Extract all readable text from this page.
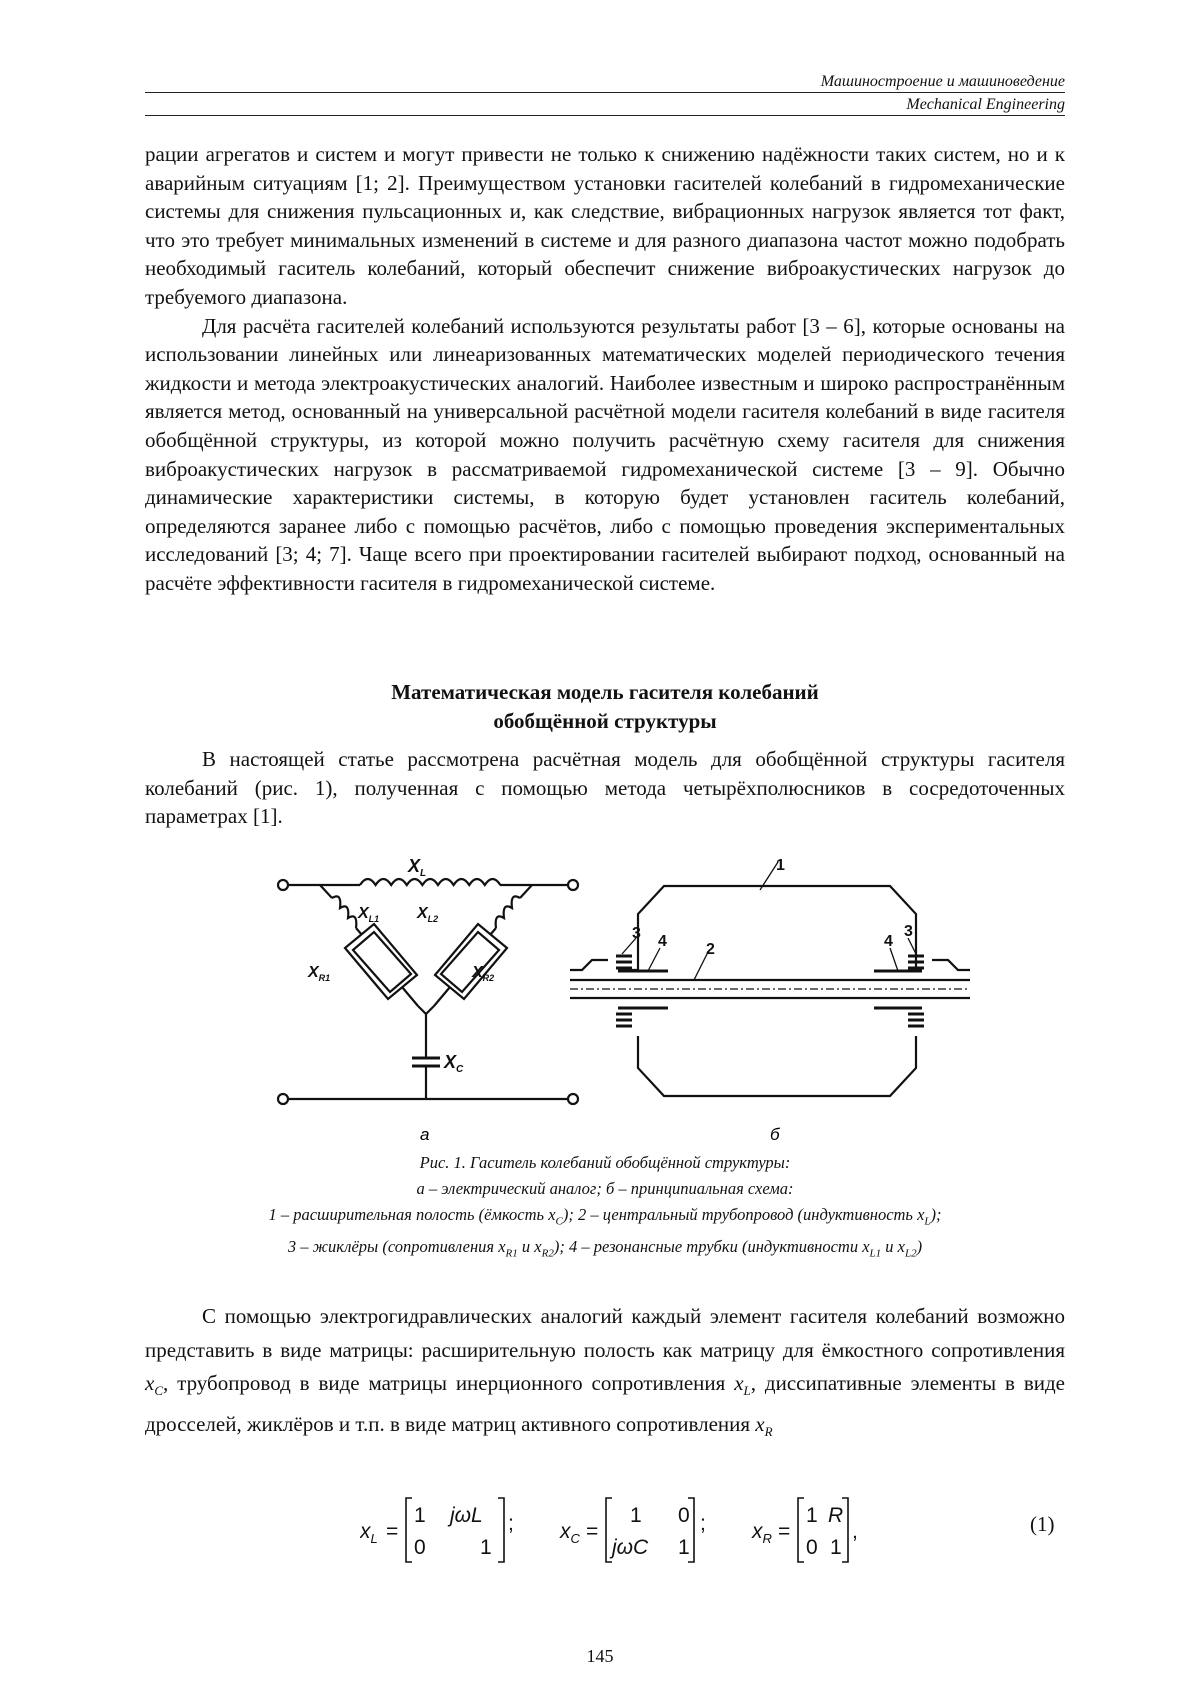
Машиностроение и машиноведение
Mechanical Engineering

рации агрегатов и систем и могут привести не только к снижению надёжности таких систем, но и к аварийным ситуациям [1; 2]. Преимуществом установки гасителей колебаний в гидромеханические системы для снижения пульсационных и, как следствие, вибрационных нагрузок является тот факт, что это требует минимальных изменений в системе и для разного диапазона частот можно подобрать необходимый гаситель колебаний, который обеспечит снижение виброакустических нагрузок до требуемого диапазона.

Для расчёта гасителей колебаний используются результаты работ [3 – 6], которые основаны на использовании линейных или линеаризованных математических моделей периодического течения жидкости и метода электроакустических аналогий. Наиболее известным и широко распространённым является метод, основанный на универсальной расчётной модели гасителя колебаний в виде гасителя обобщённой структуры, из которой можно получить расчётную схему гасителя для снижения виброакустических нагрузок в рассматриваемой гидромеханической системе [3 – 9]. Обычно динамические характеристики системы, в которую будет установлен гаситель колебаний, определяются заранее либо с помощью расчётов, либо с помощью проведения экспериментальных исследований [3; 4; 7]. Чаще всего при проектировании гасителей выбирают подход, основанный на расчёте эффективности гасителя в гидромеханической системе.

Математическая модель гасителя колебаний
обобщённой структуры

В настоящей статье рассмотрена расчётная модель для обобщённой структуры гасителя колебаний (рис. 1), полученная с помощью метода четырёхполюсников в сосредоточенных параметрах [1].

$X_L$
$X_{L1}$ $X_{L2}$
$X_{R1}$	$X_{R2}$
$X_C$
а
1
2
3 4	4
3
б
Рис. 1. Гаситель колебаний обобщённой структуры:
а – электрический аналог; б – принципиальная схема:
1 – расширительная полость (ёмкость $x_C$); 2 – центральный трубопровод (индуктивность $x_L$);
3 – жиклёры (сопротивления $x_{R1}$ и $x_{R2}$); 4 – резонансные трубки (индуктивности $x_{L1}$ и $x_{L2}$)

С помощью электрогидравлических аналогий каждый элемент гасителя колебаний возможно представить в виде матрицы: расширительную полость как матрицу для ёмкостного сопротивления $x_C$, трубопровод в виде матрицы инерционного сопротивления $x_L$, диссипативные элементы в виде дросселей, жиклёров и т.п. в виде матриц активного сопротивления $x_R$

$x_L$	$x_C$	$x_R$
=	=	=
;	;	,
1 jωL
0	1
1 0
jωC 1
1 R
0 1
(1)
145
